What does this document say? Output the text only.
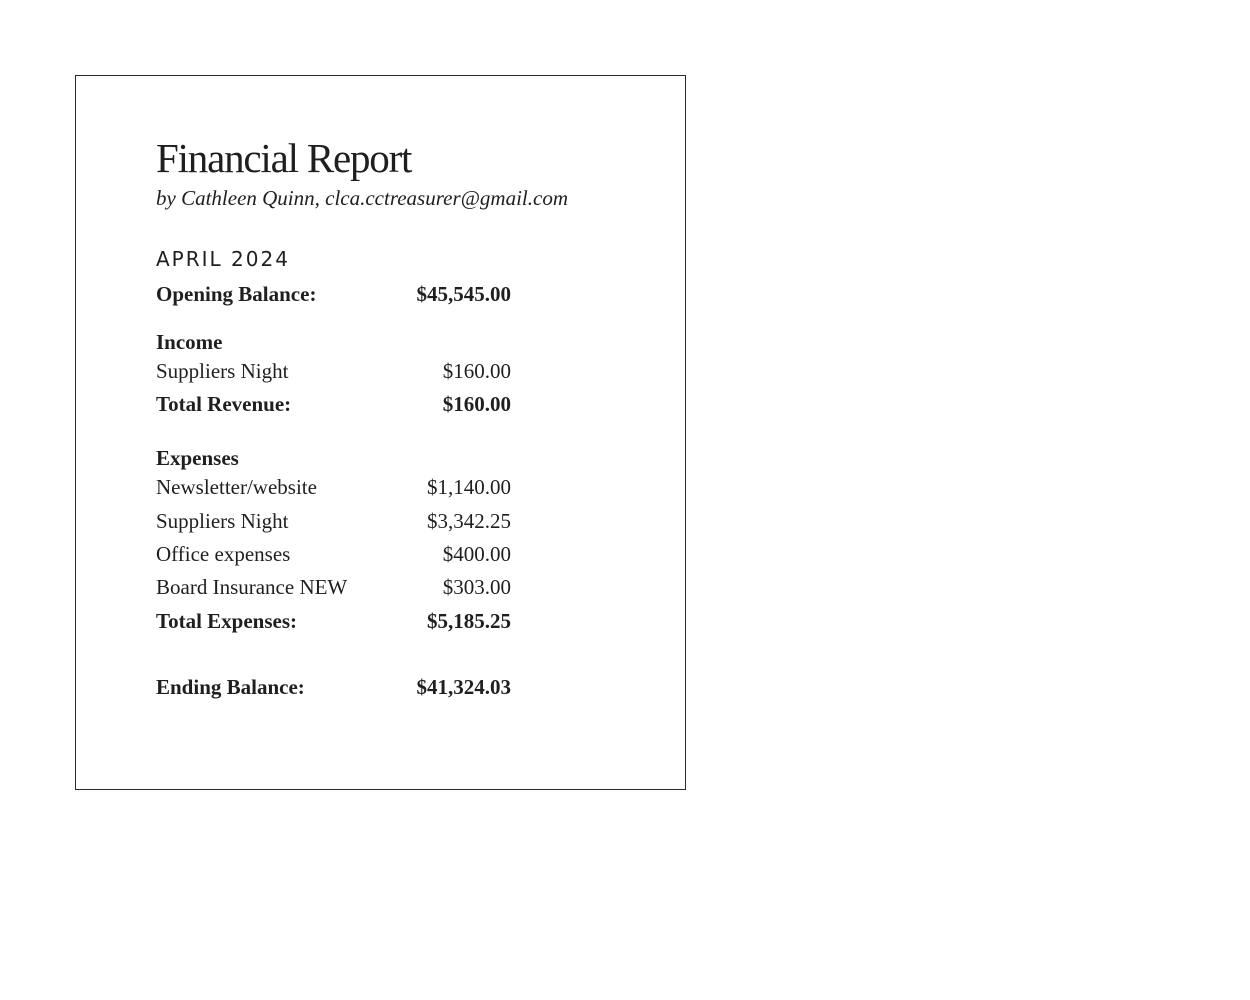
Financial Report
by Cathleen Quinn, clca.cctreasurer@gmail.com
APRIL 2024
Opening Balance:	$45,545.00
Income
Suppliers Night	$160.00
Total Revenue:	$160.00
Expenses
Newsletter/website	$1,140.00
Suppliers Night	$3,342.25
Office expenses	$400.00
Board Insurance NEW	$303.00
Total Expenses:	$5,185.25
Ending Balance:	$41,324.03
